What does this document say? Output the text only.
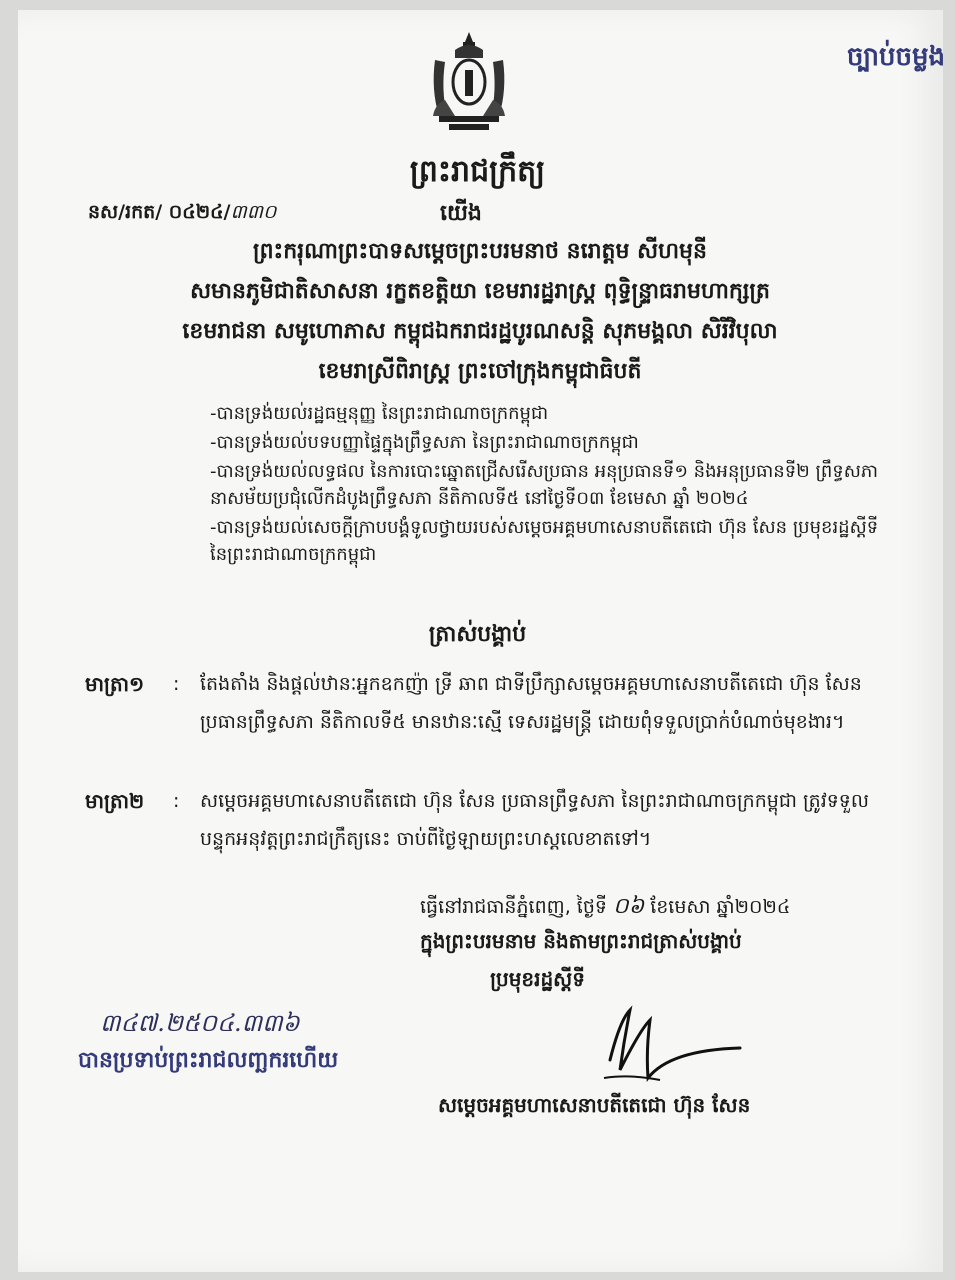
ច្បាប់ចម្លង
ព្រះរាជក្រឹត្យ
នស/រកត/ ០៤២៤/៣៣០	យើង
ព្រះករុណាព្រះបាទសម្តេចព្រះបរមនាថ នរោត្តម សីហមុនី
សមានភូមិជាតិសាសនា រក្ខតខត្តិយា ខេមរារដ្ឋរាស្ត្រ ពុទ្ធិន្ទ្រាធរាមហាក្សត្រ
ខេមរាជនា សមូហោភាស កម្ពុជឯករាជរដ្ឋបូរណសន្តិ សុភមង្គលា សិរីវិបុលា
ខេមរាស្រីពិរាស្ត្រ ព្រះចៅក្រុងកម្ពុជាធិបតី
-បានទ្រង់យល់រដ្ឋធម្មនុញ្ញ នៃព្រះរាជាណាចក្រកម្ពុជា
-បានទ្រង់យល់បទបញ្ញាផ្ទៃក្នុងព្រឹទ្ធសភា នៃព្រះរាជាណាចក្រកម្ពុជា
-បានទ្រង់យល់លទ្ធផល នៃការបោះឆ្នោតជ្រើសរើសប្រធាន អនុប្រធានទី១ និងអនុប្រធានទី២ ព្រឹទ្ធសភា នាសម័យប្រជុំលើកដំបូងព្រឹទ្ធសភា នីតិកាលទី៥ នៅថ្ងៃទី០៣ ខែមេសា ឆ្នាំ ២០២៤
-បានទ្រង់យល់សេចក្តីក្រាបបង្គំទូលថ្វាយរបស់សម្តេចអគ្គមហាសេនាបតីតេជោ ហ៊ុន សែន ប្រមុខរដ្ឋស្តីទី នៃព្រះរាជាណាចក្រកម្ពុជា
ត្រាស់បង្គាប់
មាត្រា១ : តែងតាំង និងផ្តល់ឋានៈអ្នកឧកញ៉ា ទ្រី ឆាព ជាទីប្រឹក្សាសម្តេចអគ្គមហាសេនាបតីតេជោ ហ៊ុន សែន ប្រធានព្រឹទ្ធសភា នីតិកាលទី៥ មានឋានៈស្មើ ទេសរដ្ឋមន្ត្រី ដោយពុំទទួលប្រាក់បំណាច់មុខងារ។
មាត្រា២ : សម្តេចអគ្គមហាសេនាបតីតេជោ ហ៊ុន សែន ប្រធានព្រឹទ្ធសភា នៃព្រះរាជាណាចក្រកម្ពុជា ត្រូវទទួលបន្ទុកអនុវត្តព្រះរាជក្រឹត្យនេះ ចាប់ពីថ្ងៃឡាយព្រះហស្តលេខាតទៅ។
ធ្វើនៅរាជធានីភ្នំពេញ, ថ្ងៃទី ០៦ ខែមេសា ឆ្នាំ២០២៤
ក្នុងព្រះបរមនាម និងតាមព្រះរាជត្រាស់បង្គាប់
ប្រមុខរដ្ឋស្តីទី
៣៤៧.២៥០៤.៣៣៦
បានប្រទាប់ព្រះរាជលញ្ឆករហើយ
សម្តេចអគ្គមហាសេនាបតីតេជោ ហ៊ុន សែន
